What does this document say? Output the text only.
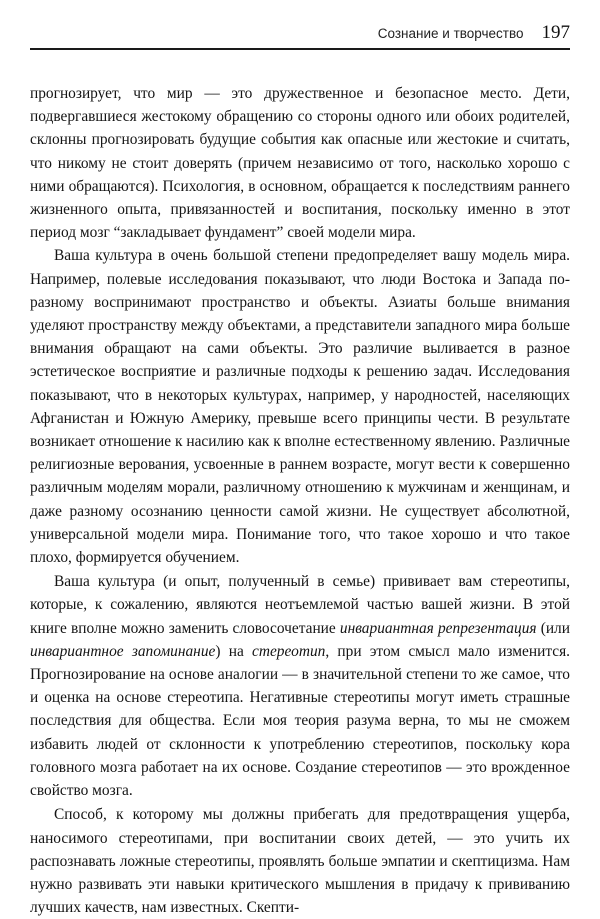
Сознание и творчество 197

прогнозирует, что мир — это дружественное и безопасное место. Дети, подвергавшиеся жестокому обращению со стороны одного или обоих родителей, склонны прогнозировать будущие события как опасные или жестокие и считать, что никому не стоит доверять (причем независимо от того, насколько хорошо с ними обращаются). Психология, в основном, обращается к последствиям раннего жизненного опыта, привязанностей и воспитания, поскольку именно в этот период мозг “закладывает фундамент” своей модели мира.

Ваша культура в очень большой степени предопределяет вашу модель мира. Например, полевые исследования показывают, что люди Востока и Запада по-разному воспринимают пространство и объекты. Азиаты больше внимания уделяют пространству между объектами, а представители западного мира больше внимания обращают на сами объекты. Это различие выливается в разное эстетическое восприятие и различные подходы к решению задач. Исследования показывают, что в некоторых культурах, например, у народностей, населяющих Афганистан и Южную Америку, превыше всего принципы чести. В результате возникает отношение к насилию как к вполне естественному явлению. Различные религиозные верования, усвоенные в раннем возрасте, могут вести к совершенно различным моделям морали, различному отношению к мужчинам и женщинам, и даже разному осознанию ценности самой жизни. Не существует абсолютной, универсальной модели мира. Понимание того, что такое хорошо и что такое плохо, формируется обучением.

Ваша культура (и опыт, полученный в семье) прививает вам стереотипы, которые, к сожалению, являются неотъемлемой частью вашей жизни. В этой книге вполне можно заменить словосочетание инвариантная репрезентация (или инвариантное запоминание) на стереотип, при этом смысл мало изменится. Прогнозирование на основе аналогии — в значительной степени то же самое, что и оценка на основе стереотипа. Негативные стереотипы могут иметь страшные последствия для общества. Если моя теория разума верна, то мы не сможем избавить людей от склонности к употреблению стереотипов, поскольку кора головного мозга работает на их основе. Создание стереотипов — это врожденное свойство мозга.

Способ, к которому мы должны прибегать для предотвращения ущерба, наносимого стереотипами, при воспитании своих детей, — это учить их распознавать ложные стереотипы, проявлять больше эмпатии и скептицизма. Нам нужно развивать эти навыки критического мышления в придачу к прививанию лучших качеств, нам известных. Скепти-
